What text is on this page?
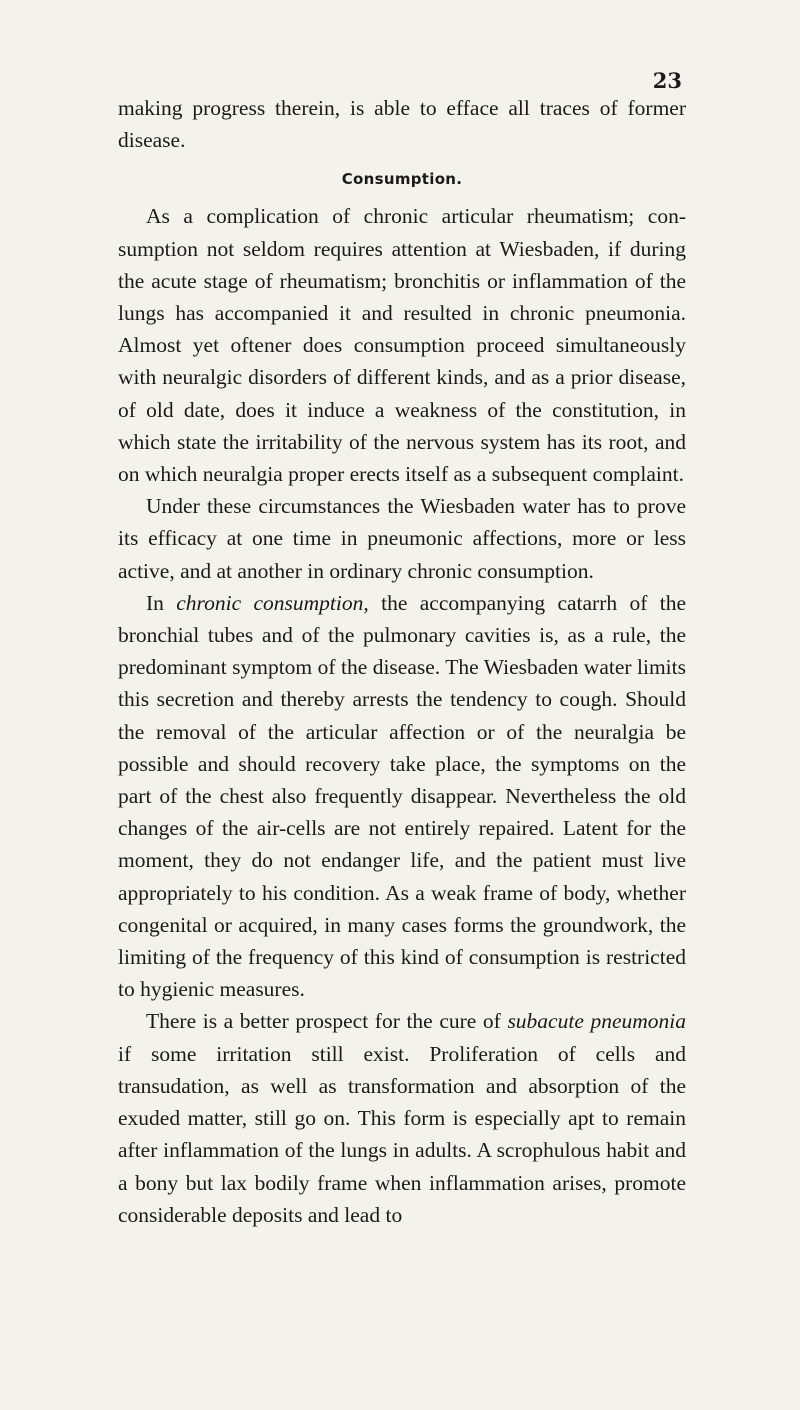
23

making progress therein, is able to efface all traces of former disease.

Consumption.

As a complication of chronic articular rheumatism; consumption not seldom requires attention at Wiesbaden, if during the acute stage of rheumatism; bronchitis or inflammation of the lungs has accompanied it and resulted in chronic pneumonia. Almost yet oftener does consumption proceed simultaneously with neuralgic disorders of different kinds, and as a prior disease, of old date, does it induce a weakness of the constitution, in which state the irritability of the nervous system has its root, and on which neuralgia proper erects itself as a subsequent complaint.

Under these circumstances the Wiesbaden water has to prove its efficacy at one time in pneumonic affections, more or less active, and at another in ordinary chronic consumption.

In chronic consumption, the accompanying catarrh of the bronchial tubes and of the pulmonary cavities is, as a rule, the predominant symptom of the disease. The Wiesbaden water limits this secretion and thereby arrests the tendency to cough. Should the removal of the articular affection or of the neuralgia be possible and should recovery take place, the symptoms on the part of the chest also frequently disappear. Nevertheless the old changes of the air-cells are not entirely repaired. Latent for the moment, they do not endanger life, and the patient must live appropriately to his condition. As a weak frame of body, whether congenital or acquired, in many cases forms the groundwork, the limiting of the frequency of this kind of consumption is restricted to hygienic measures.

There is a better prospect for the cure of subacute pneumonia if some irritation still exist. Proliferation of cells and transudation, as well as transformation and absorption of the exuded matter, still go on. This form is especially apt to remain after inflammation of the lungs in adults. A scrophulous habit and a bony but lax bodily frame when inflammation arises, promote considerable deposits and lead to
